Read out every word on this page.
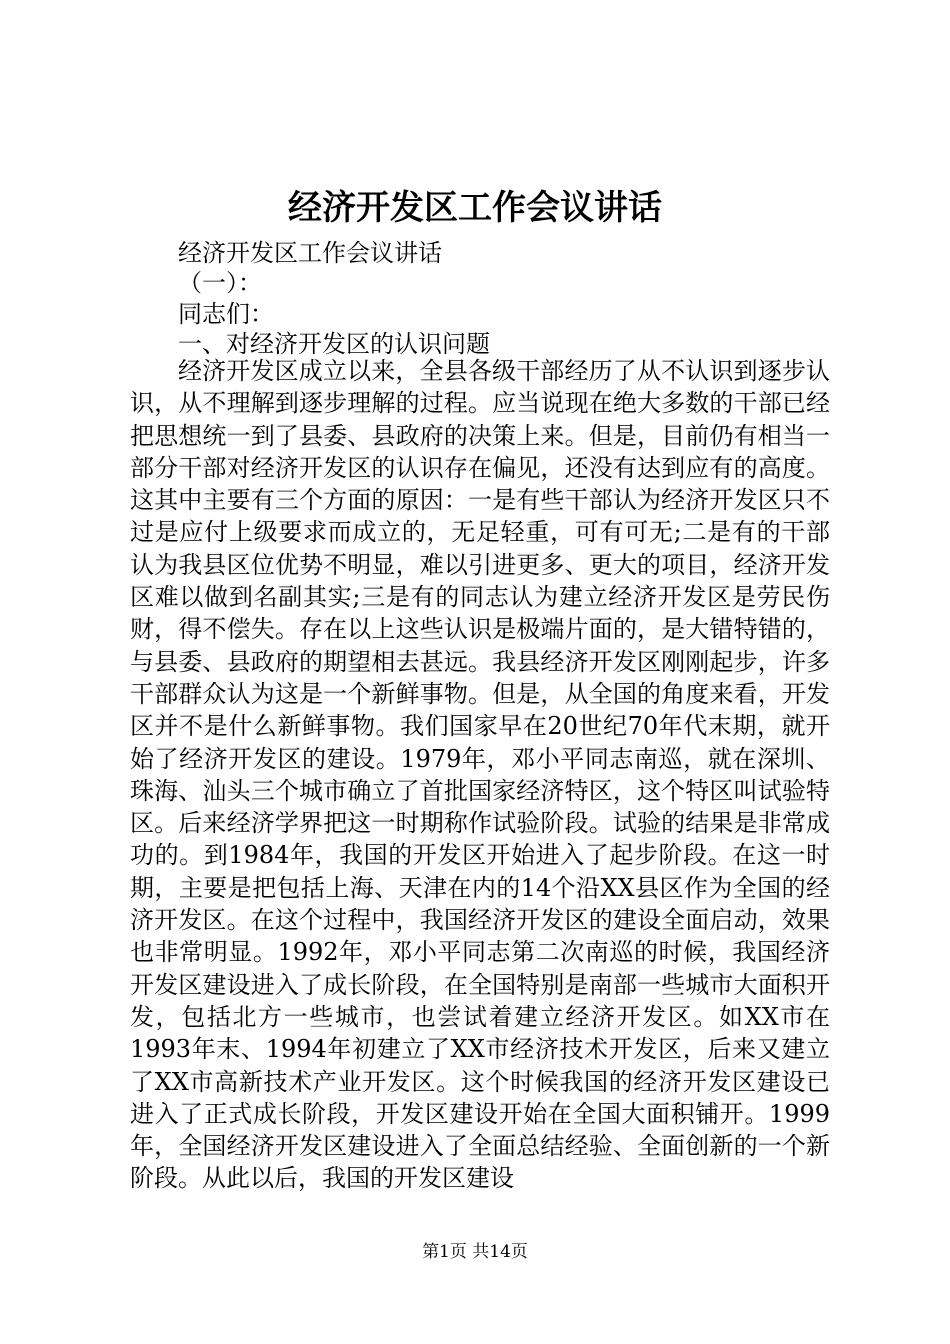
经济开发区工作会议讲话

经济开发区工作会议讲话

（一）：

同志们：

一、对经济开发区的认识问题

经济开发区成立以来，全县各级干部经历了从不认识到逐步认识，从不理解到逐步理解的过程。应当说现在绝大多数的干部已经把思想统一到了县委、县政府的决策上来。但是，目前仍有相当一部分干部对经济开发区的认识存在偏见，还没有达到应有的高度。这其中主要有三个方面的原因：一是有些干部认为经济开发区只不过是应付上级要求而成立的，无足轻重，可有可无;二是有的干部认为我县区位优势不明显，难以引进更多、更大的项目，经济开发区难以做到名副其实;三是有的同志认为建立经济开发区是劳民伤财，得不偿失。存在以上这些认识是极端片面的，是大错特错的，与县委、县政府的期望相去甚远。我县经济开发区刚刚起步，许多干部群众认为这是一个新鲜事物。但是，从全国的角度来看，开发区并不是什么新鲜事物。我们国家早在20世纪70年代末期，就开始了经济开发区的建设。1979年，邓小平同志南巡，就在深圳、珠海、汕头三个城市确立了首批国家经济特区，这个特区叫试验特区。后来经济学界把这一时期称作试验阶段。试验的结果是非常成功的。到1984年，我国的开发区开始进入了起步阶段。在这一时期，主要是把包括上海、天津在内的14个沿XX县区作为全国的经济开发区。在这个过程中，我国经济开发区的建设全面启动，效果也非常明显。1992年，邓小平同志第二次南巡的时候，我国经济开发区建设进入了成长阶段，在全国特别是南部一些城市大面积开发，包括北方一些城市，也尝试着建立经济开发区。如XX市在1993年末、1994年初建立了XX市经济技术开发区，后来又建立了XX市高新技术产业开发区。这个时候我国的经济开发区建设已进入了正式成长阶段，开发区建设开始在全国大面积铺开。1999年，全国经济开发区建设进入了全面总结经验、全面创新的一个新阶段。从此以后，我国的开发区建设

第1页 共14页
